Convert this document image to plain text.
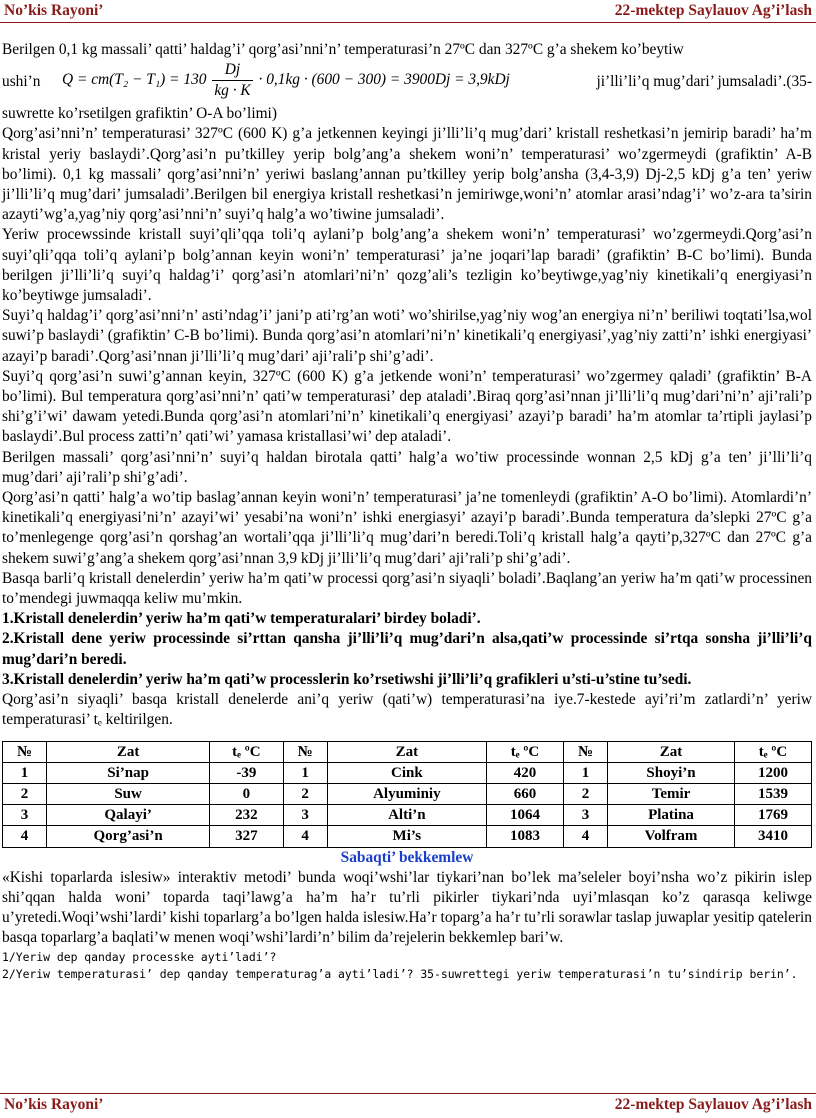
No’kis Rayoni’	22-mektep Saylauov Ag’i’lash

Berilgen 0,1 kg massali’ qatti’ haldag’i’ qorg’asi’nni’n’ temperaturasi’n 27ºC dan 327ºC g’a shekem ko’beytiw

ushi’n $Q = cm(T_2 - T_1) = 130 \frac{Dj}{kg \cdot K} \cdot 0,1kg \cdot (600 - 300) = 3900Dj = 3,9kDj$	ji’lli’li’q mug’dari’ jumsaladi’.(35-

suwrette ko’rsetilgen grafiktin’ O-A bo’limi)

Qorg’asi’nni’n’ temperaturasi’ 327ºC (600 K) g’a jetkennen keyingi ji’lli’li’q mug’dari’ kristall reshetkasi’n jemirip baradi’ ha’m kristal yeriy baslaydi’.Qorg’asi’n pu’tkilley yerip bolg’ang’a shekem woni’n’ temperaturasi’ wo’zgermeydi (grafiktin’ A-B bo’limi). 0,1 kg massali’ qorg’asi’nni’n’ yeriwi baslang’annan pu’tkilley yerip bolg’ansha (3,4-3,9) Dj-2,5 kDj g’a ten’ yeriw ji’lli’li’q mug’dari’ jumsaladi’.Berilgen bil energiya kristall reshetkasi’n jemiriwge,woni’n’ atomlar arasi’ndag’i’ wo’z-ara ta’sirin azayti’wg’a,yag’niy qorg’asi’nni’n’ suyi’q halg’a wo’tiwine jumsaladi’.

Yeriw procewssinde kristall suyi’qli’qqa toli’q aylani’p bolg’ang’a shekem woni’n’ temperaturasi’ wo’zgermeydi.Qorg’asi’n suyi’qli’qqa toli’q aylani’p bolg’annan keyin woni’n’ temperaturasi’ ja’ne joqari’lap baradi’ (grafiktin’ B-C bo’limi). Bunda berilgen ji’lli’li’q suyi’q haldag’i’ qorg’asi’n atomlari’ni’n’ qozg’ali’s tezligin ko’beytiwge,yag’niy kinetikali’q energiyasi’n ko’beytiwge jumsaladi’.

Suyi’q haldag’i’ qorg’asi’nni’n’ asti’ndag’i’ jani’p ati’rg’an woti’ wo’shirilse,yag’niy wog’an energiya ni’n’ beriliwi toqtati’lsa,wol suwi’p baslaydi’ (grafiktin’ C-B bo’limi). Bunda qorg’asi’n atomlari’ni’n’ kinetikali’q energiyasi’,yag’niy zatti’n’ ishki energiyasi’ azayi’p baradi’.Qorg’asi’nnan ji’lli’li’q mug’dari’ aji’rali’p shi’g’adi’.

Suyi’q qorg’asi’n suwi’g’annan keyin, 327ºC (600 K) g’a jetkende woni’n’ temperaturasi’ wo’zgermey qaladi’ (grafiktin’ B-A bo’limi). Bul temperatura qorg’asi’nni’n’ qati’w temperaturasi’ dep ataladi’.Biraq qorg’asi’nnan ji’lli’li’q mug’dari’ni’n’ aji’rali’p shi’g’i’wi’ dawam yetedi.Bunda qorg’asi’n atomlari’ni’n’ kinetikali’q energiyasi’ azayi’p baradi’ ha’m atomlar ta’rtipli jaylasi’p baslaydi’.Bul process zatti’n’ qati’wi’ yamasa kristallasi’wi’ dep ataladi’.

Berilgen massali’ qorg’asi’nni’n’ suyi’q haldan birotala qatti’ halg’a wo’tiw processinde wonnan 2,5 kDj g’a ten’ ji’lli’li’q mug’dari’ aji’rali’p shi’g’adi’.

Qorg’asi’n qatti’ halg’a wo’tip baslag’annan keyin woni’n’ temperaturasi’ ja’ne tomenleydi (grafiktin’ A-O bo’limi). Atomlardi’n’ kinetikali’q energiyasi’ni’n’ azayi’wi’ yesabi’na woni’n’ ishki energiasyi’ azayi’p baradi’.Bunda temperatura da’slepki 27ºC g’a to’menlegenge qorg’asi’n qorshag’an wortali’qqa ji’lli’li’q mug’dari’n beredi.Toli’q kristall halg’a qayti’p,327ºC dan 27ºC g’a shekem suwi’g’ang’a shekem qorg’asi’nnan 3,9 kDj ji’lli’li’q mug’dari’ aji’rali’p shi’g’adi’.

Basqa barli’q kristall denelerdin’ yeriw ha’m qati’w processi qorg’asi’n siyaqli’ boladi’.Baqlang’an yeriw ha’m qati’w processinen to’mendegi juwmaqqa keliw mu’mkin.

1.Kristall denelerdin’ yeriw ha’m qati’w temperaturalari’ birdey boladi’.

2.Kristall dene yeriw processinde si’rttan qansha ji’lli’li’q mug’dari’n alsa,qati’w processinde si’rtqa sonsha ji’lli’li’q mug’dari’n beredi.

3.Kristall denelerdin’ yeriw ha’m qati’w processlerin ko’rsetiwshi ji’lli’li’q grafikleri u’sti-u’stine tu’sedi.

Qorg’asi’n siyaqli’ basqa kristall denelerde ani’q yeriw (qati’w) temperaturasi’na iye.7-kestede ayi’ri’m zatlardi’n’ yeriw temperaturasi’ tₑ keltirilgen.

№	Zat	tₑ ºC	№	Zat	tₑ ºC	№	Zat	tₑ ºC
1	Si’nap	-39	1	Cink	420	1	Shoyi’n	1200
2	Suw	0	2	Alyuminiy	660	2	Temir	1539
3	Qalayi’	232	3	Alti’n	1064	3	Platina	1769
4	Qorg’asi’n	327	4	Mi’s	1083	4	Volfram	3410

Sabaqti’ bekkemlew

«Kishi toparlarda islesiw» interaktiv metodi’ bunda woqi’wshi’lar tiykari’nan bo’lek ma’seleler boyi’nsha wo’z pikirin islep shi’qqan halda woni’ toparda taqi’lawg’a ha’m ha’r tu’rli pikirler tiykari’nda uyi’mlasqan ko’z qarasqa keliwge u’yretedi.Woqi’wshi’lardi’ kishi toparlarg’a bo’lgen halda islesiw.Ha’r toparg’a ha’r tu’rli sorawlar taslap juwaplar yesitip qatelerin basqa toparlarg’a baqlati’w menen woqi’wshi’lardi’n’ bilim da’rejelerin bekkemlep bari’w.

1/Yeriw dep qanday processke ayti’ladi’?

2/Yeriw temperaturasi’ dep qanday temperaturag’a ayti’ladi’? 35-suwrettegi yeriw temperaturasi’n tu’sindirip berin’.

No’kis Rayoni’	22-mektep Saylauov Ag’i’lash
